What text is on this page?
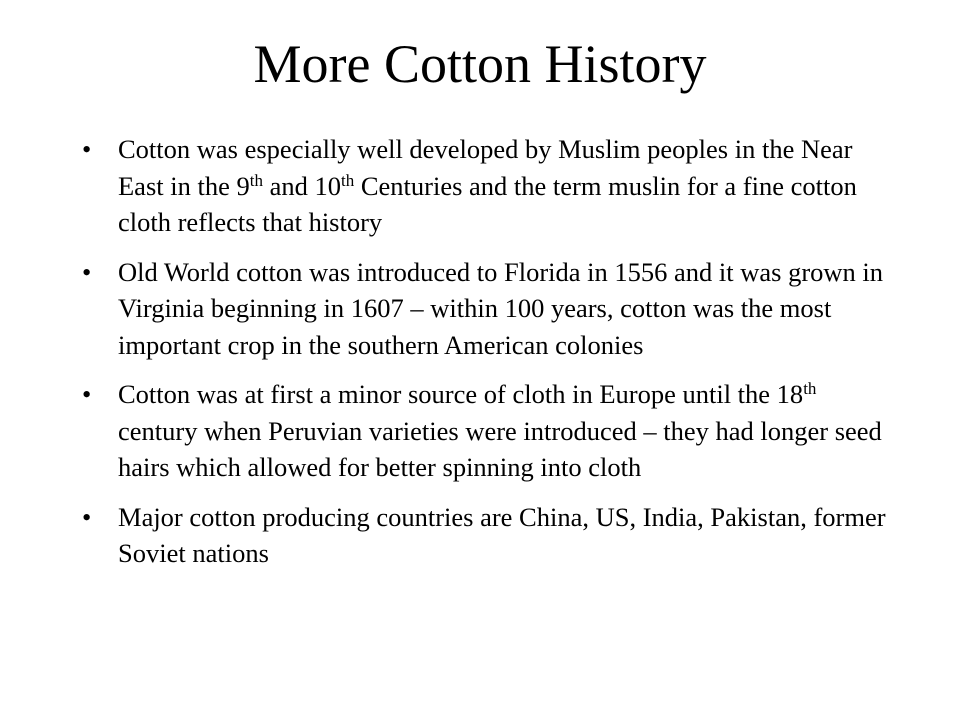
More Cotton History
•	Cotton was especially well developed by Muslim peoples in the Near East in the 9th and 10th Centuries and the term muslin for a fine cotton cloth reflects that history
•	Old World cotton was introduced to Florida in 1556 and it was grown in Virginia beginning in 1607 – within 100 years, cotton was the most important crop in the southern American colonies
•	Cotton was at first a minor source of cloth in Europe until the 18th century when Peruvian varieties were introduced – they had longer seed hairs which allowed for better spinning into cloth
•	Major cotton producing countries are China, US, India, Pakistan, former Soviet nations
